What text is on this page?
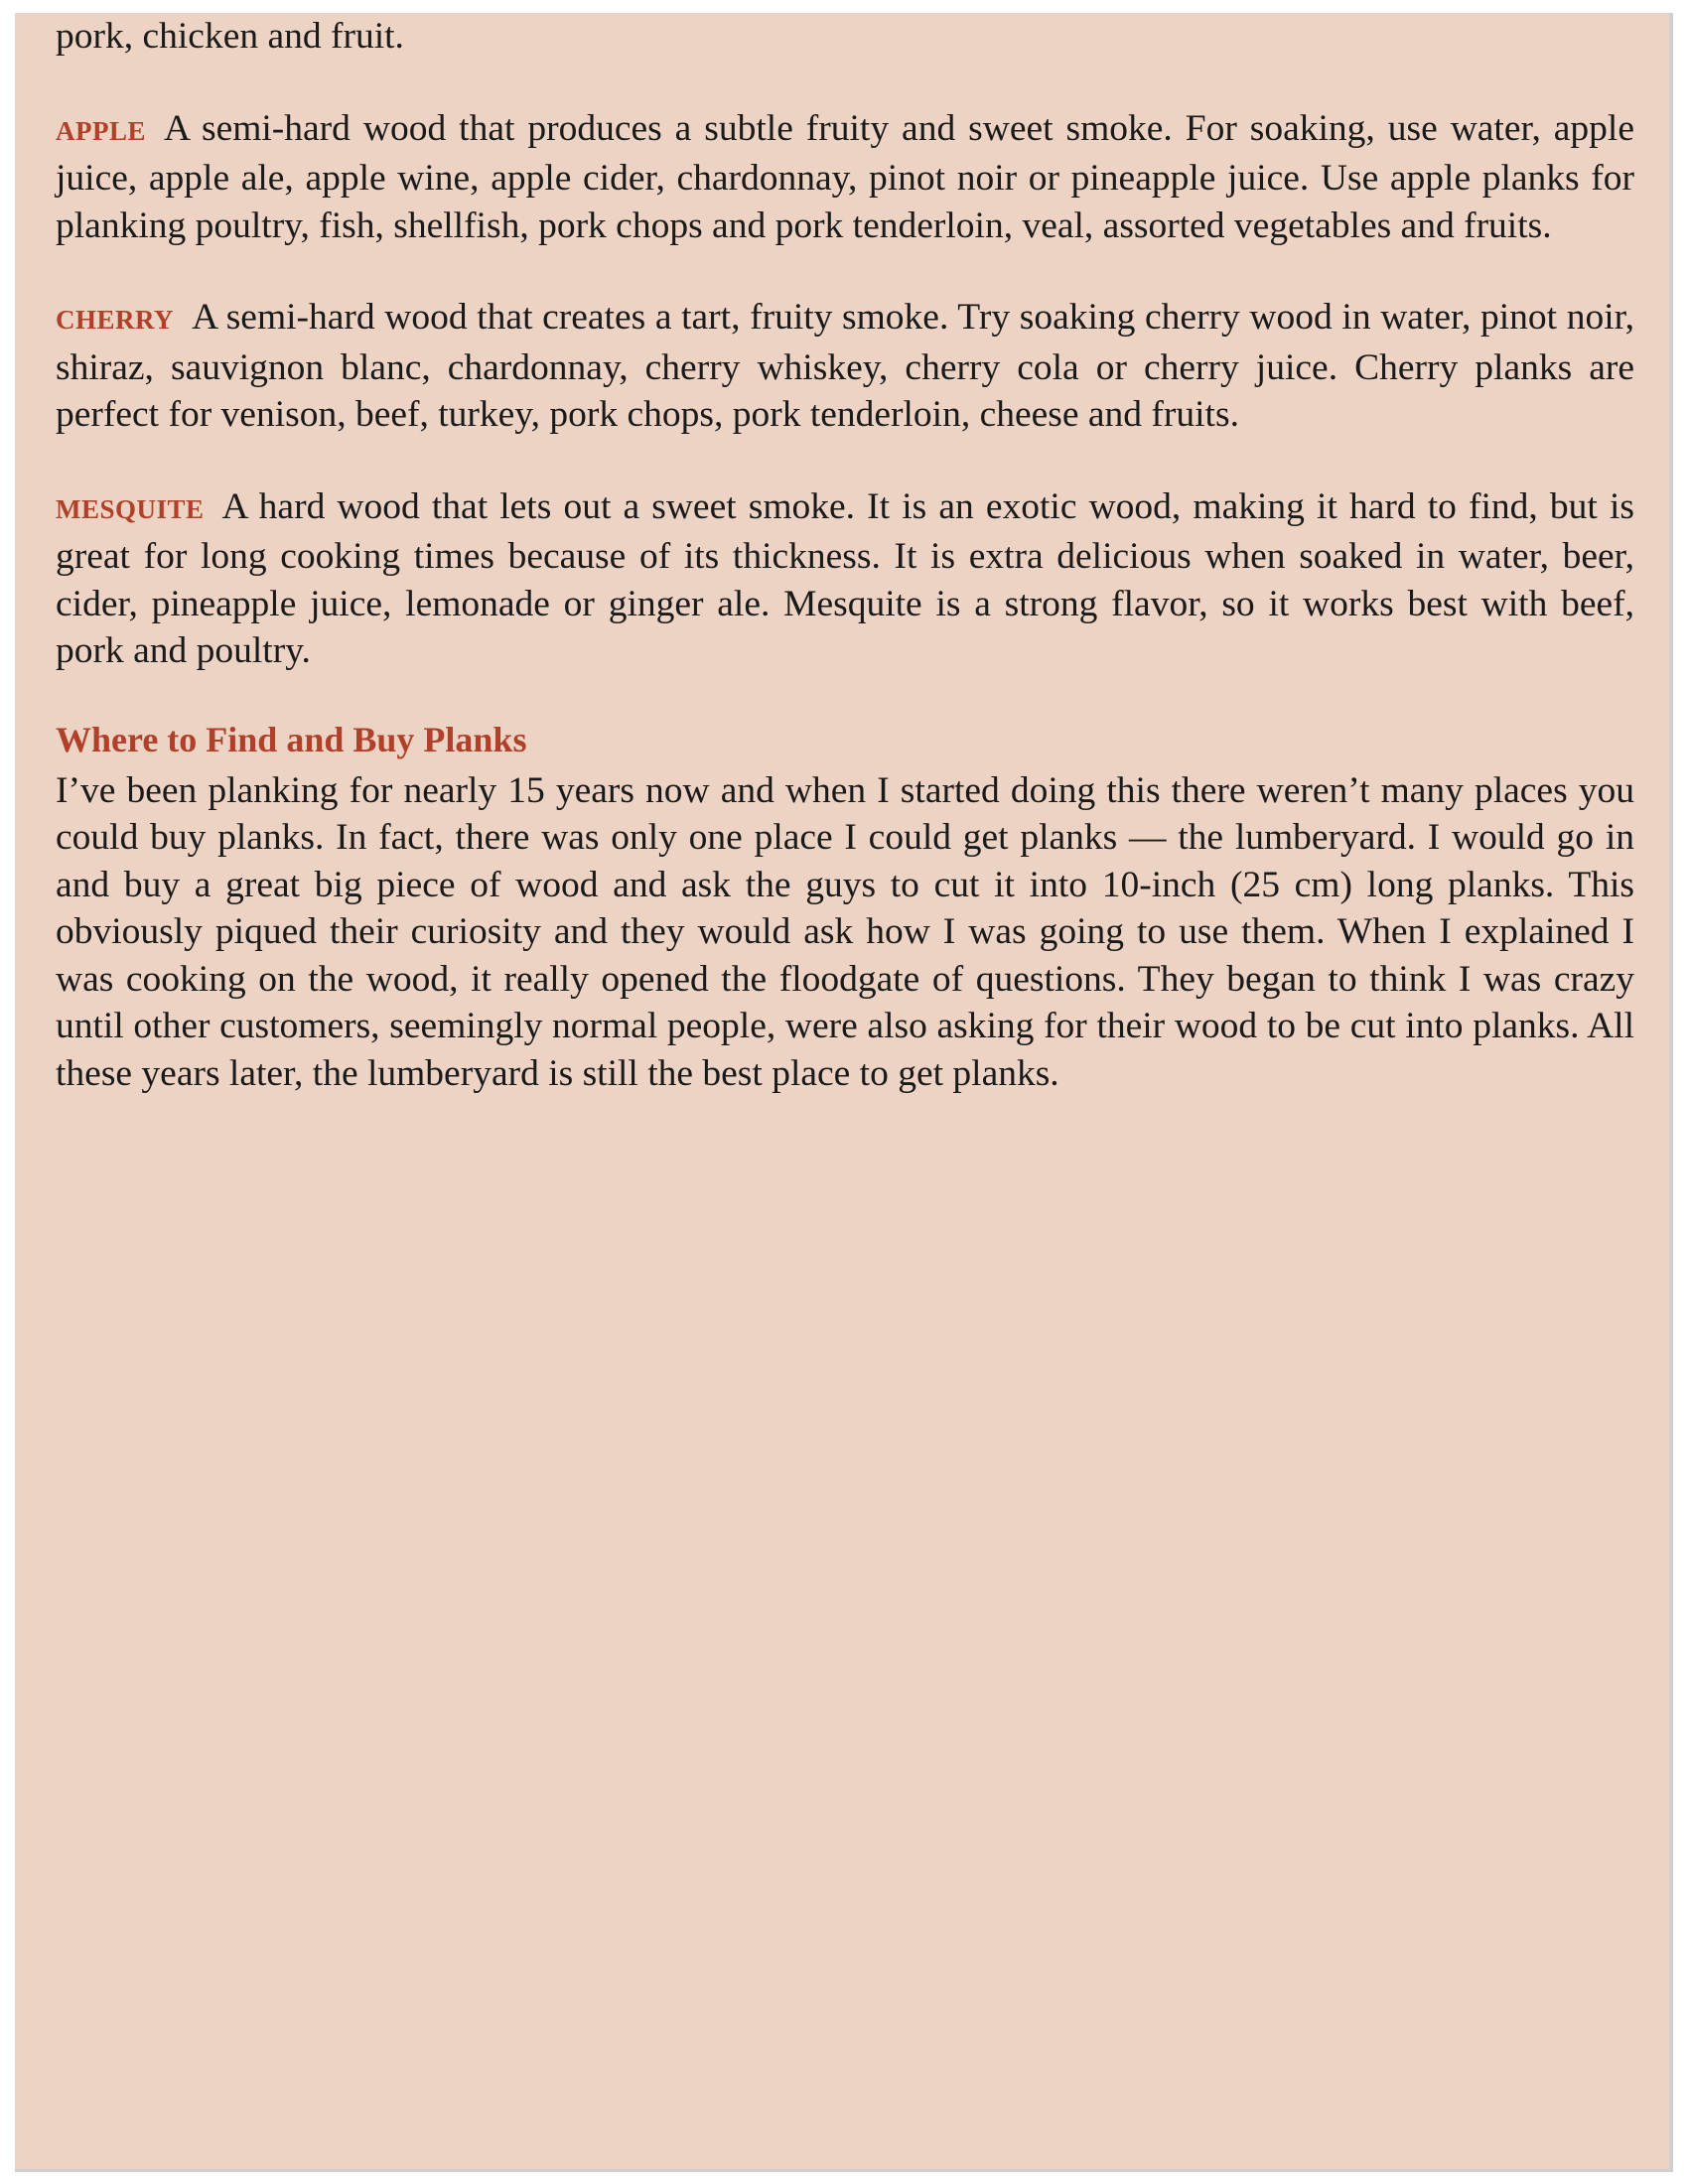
pork, chicken and fruit.

APPLE A semi-hard wood that produces a subtle fruity and sweet smoke. For soaking, use water, apple juice, apple ale, apple wine, apple cider, chardonnay, pinot noir or pineapple juice. Use apple planks for planking poultry, fish, shellfish, pork chops and pork tenderloin, veal, assorted vegetables and fruits.

CHERRY A semi-hard wood that creates a tart, fruity smoke. Try soaking cherry wood in water, pinot noir, shiraz, sauvignon blanc, chardonnay, cherry whiskey, cherry cola or cherry juice. Cherry planks are perfect for venison, beef, turkey, pork chops, pork tenderloin, cheese and fruits.

MESQUITE A hard wood that lets out a sweet smoke. It is an exotic wood, making it hard to find, but is great for long cooking times because of its thickness. It is extra delicious when soaked in water, beer, cider, pineapple juice, lemonade or ginger ale. Mesquite is a strong flavor, so it works best with beef, pork and poultry.

Where to Find and Buy Planks

I’ve been planking for nearly 15 years now and when I started doing this there weren’t many places you could buy planks. In fact, there was only one place I could get planks — the lumberyard. I would go in and buy a great big piece of wood and ask the guys to cut it into 10-inch (25 cm) long planks. This obviously piqued their curiosity and they would ask how I was going to use them. When I explained I was cooking on the wood, it really opened the floodgate of questions. They began to think I was crazy until other customers, seemingly normal people, were also asking for their wood to be cut into planks. All these years later, the lumberyard is still the best place to get planks.
